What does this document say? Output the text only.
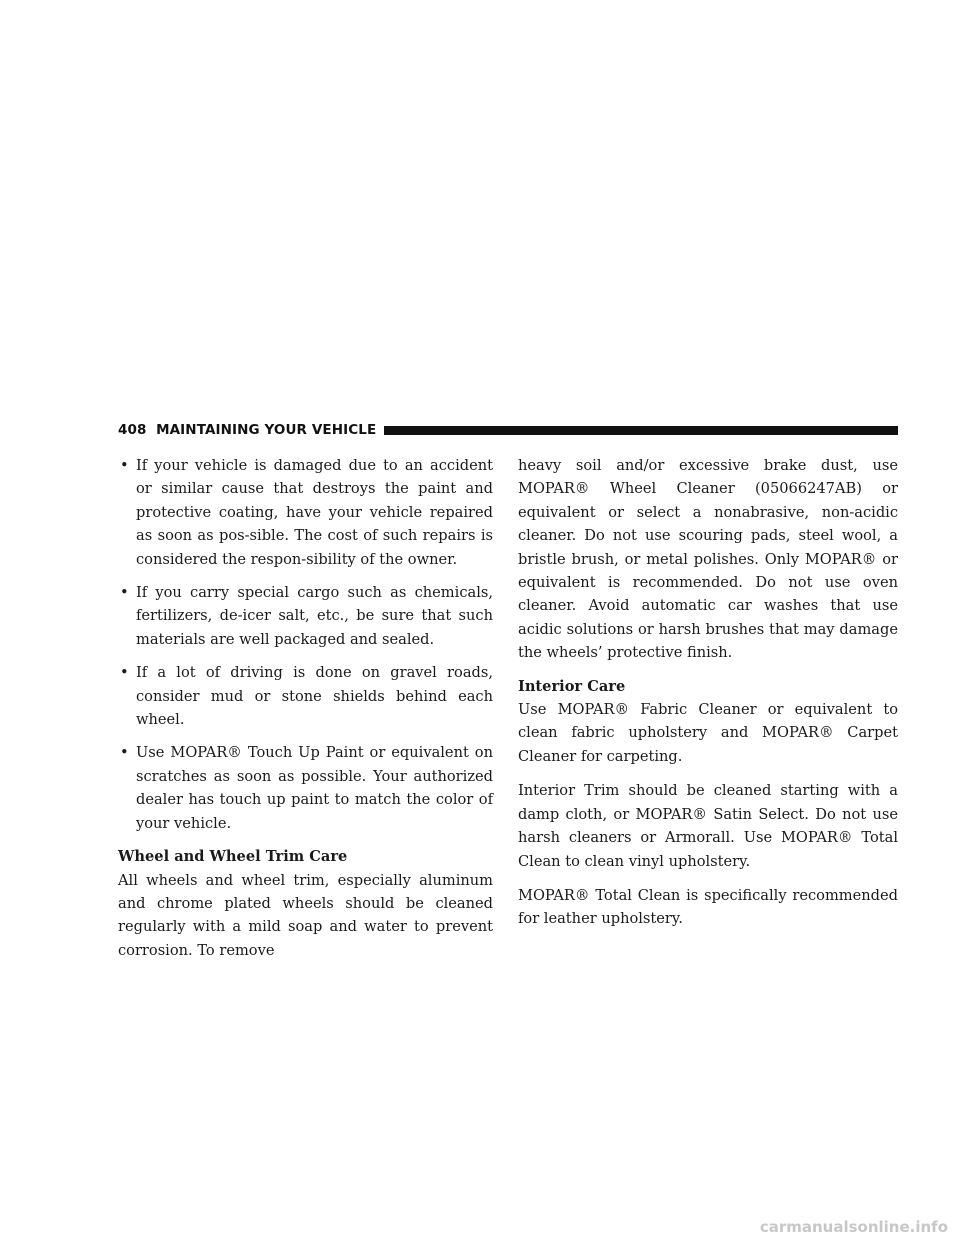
408 MAINTAINING YOUR VEHICLE
• If your vehicle is damaged due to an accident or similar cause that destroys the paint and protective coating, have your vehicle repaired as soon as pos-sible. The cost of such repairs is considered the respon-sibility of the owner.
• If you carry special cargo such as chemicals, fertilizers, de-icer salt, etc., be sure that such materials are well packaged and sealed.
• If a lot of driving is done on gravel roads, consider mud or stone shields behind each wheel.
• Use MOPAR® Touch Up Paint or equivalent on scratches as soon as possible. Your authorized dealer has touch up paint to match the color of your vehicle.

Wheel and Wheel Trim Care

All wheels and wheel trim, especially aluminum and chrome plated wheels should be cleaned regularly with a mild soap and water to prevent corrosion. To remove

heavy soil and/or excessive brake dust, use MOPAR® Wheel Cleaner (05066247AB) or equivalent or select a nonabrasive, non-acidic cleaner. Do not use scouring pads, steel wool, a bristle brush, or metal polishes. Only MOPAR® or equivalent is recommended. Do not use oven cleaner. Avoid automatic car washes that use acidic solutions or harsh brushes that may damage the wheels’ protective finish.

Interior Care

Use MOPAR® Fabric Cleaner or equivalent to clean fabric upholstery and MOPAR® Carpet Cleaner for carpeting.

Interior Trim should be cleaned starting with a damp cloth, or MOPAR® Satin Select. Do not use harsh cleaners or Armorall. Use MOPAR® Total Clean to clean vinyl upholstery.

MOPAR® Total Clean is specifically recommended for leather upholstery.

carmanualsonline.info
